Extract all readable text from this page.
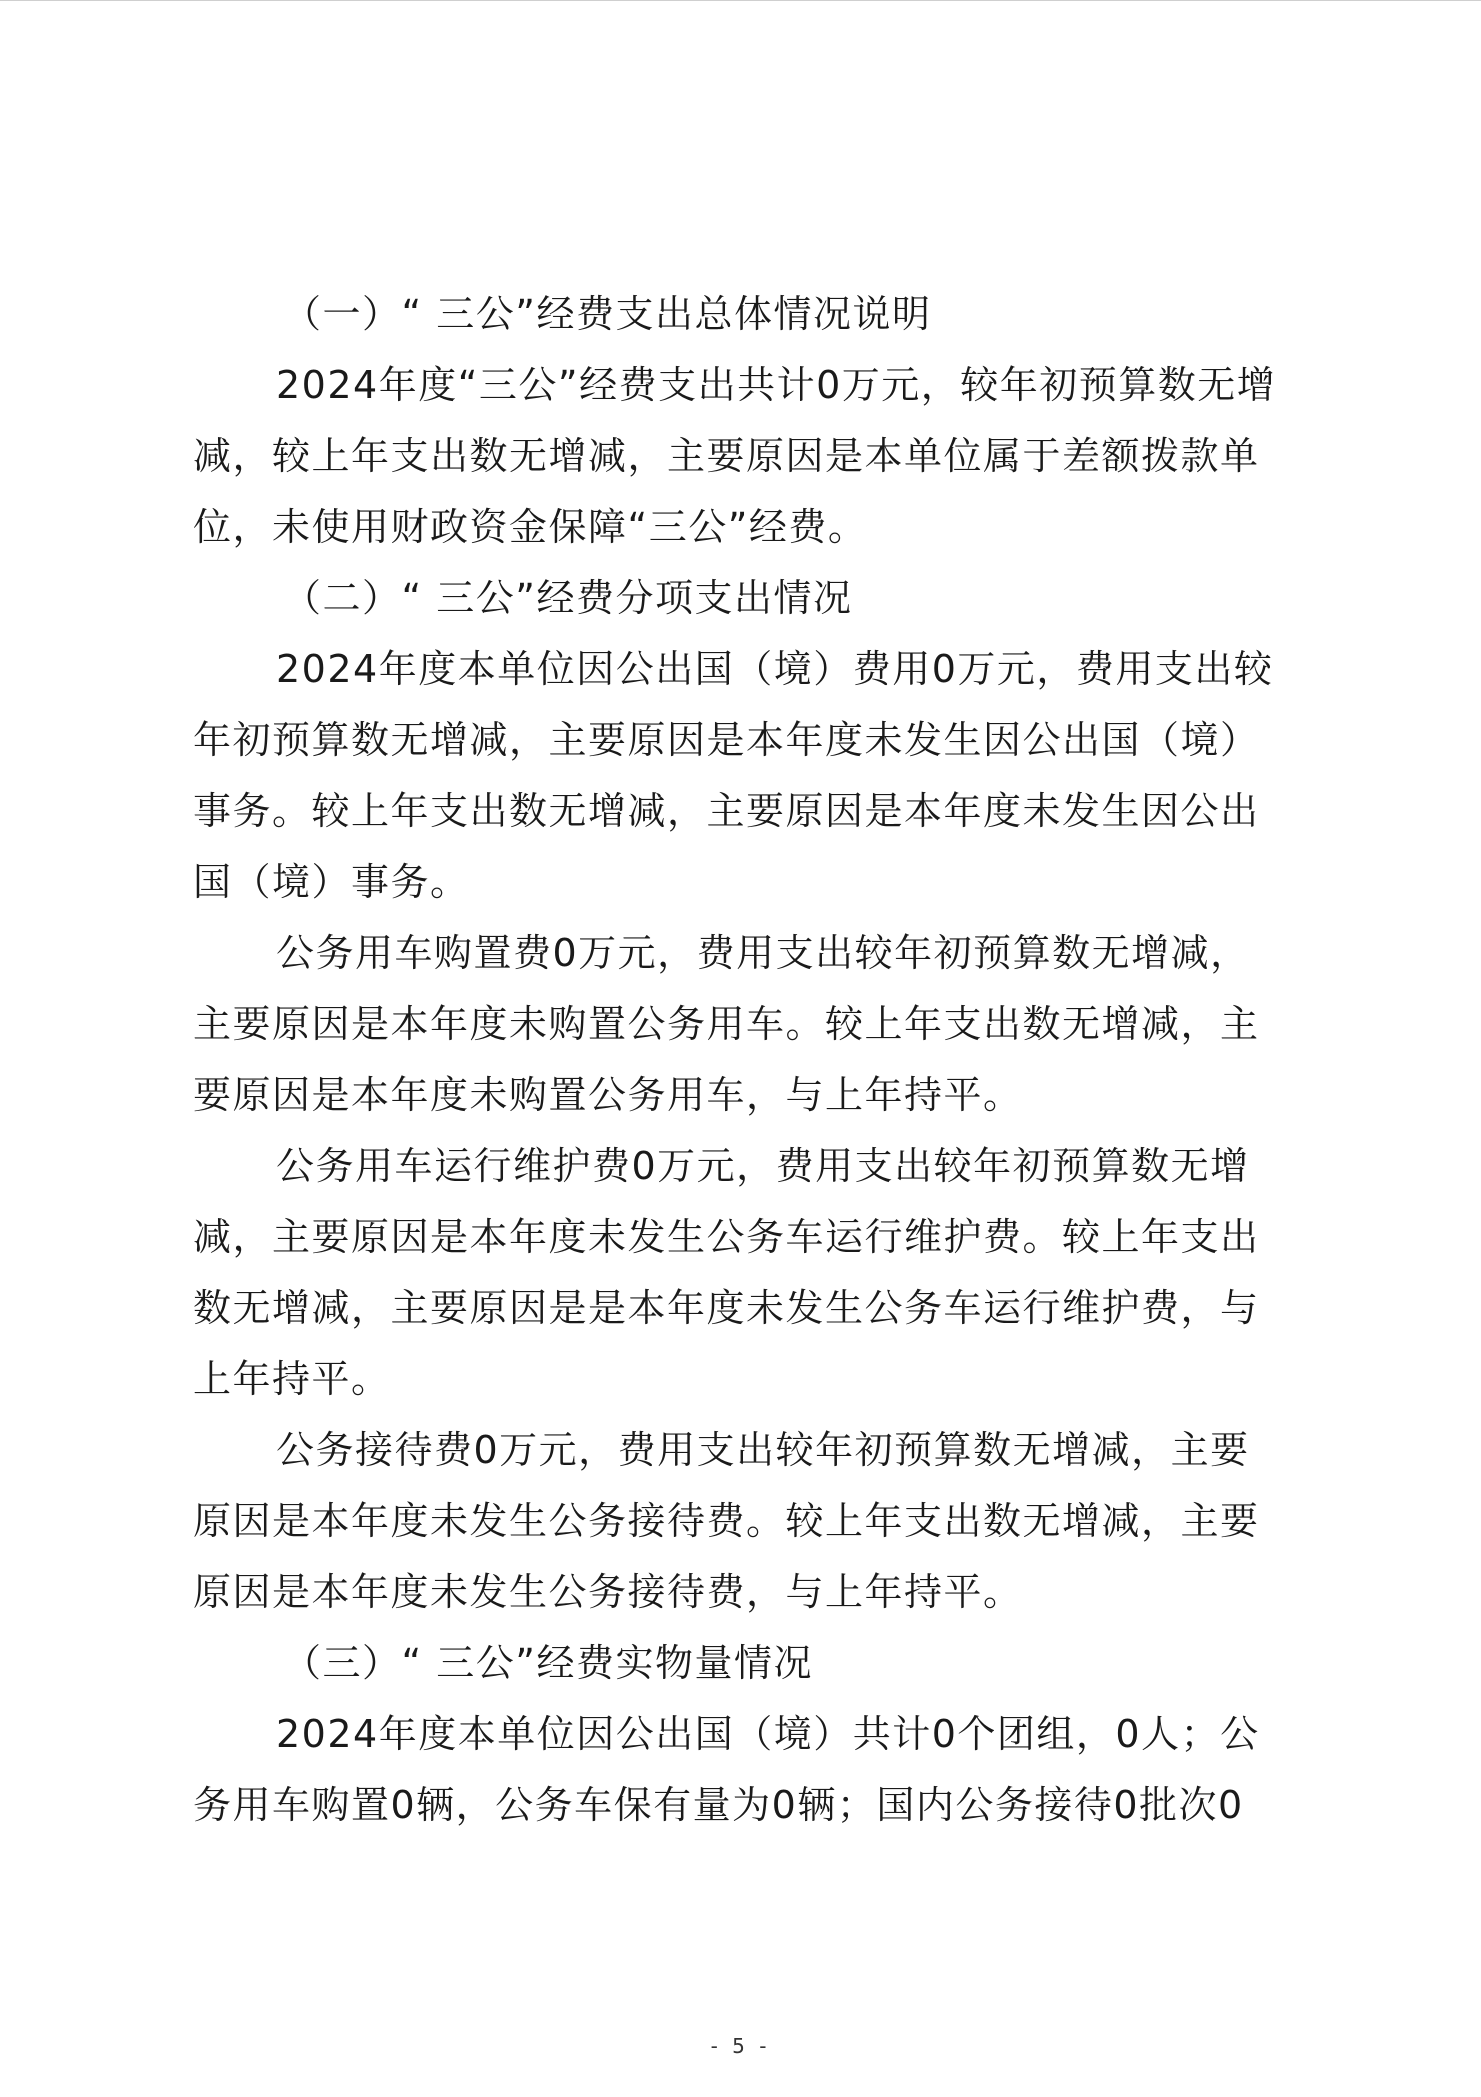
（一）“ 三公”经费支出总体情况说明

2024年度“三公”经费支出共计0万元，较年初预算数无增减，较上年支出数无增减，主要原因是本单位属于差额拨款单位，未使用财政资金保障“三公”经费。

（二）“ 三公”经费分项支出情况

2024年度本单位因公出国（境）费用0万元，费用支出较年初预算数无增减，主要原因是本年度未发生因公出国（境）事务。较上年支出数无增减，主要原因是本年度未发生因公出国（境）事务。

公务用车购置费0万元，费用支出较年初预算数无增减，主要原因是本年度未购置公务用车。较上年支出数无增减，主要原因是本年度未购置公务用车，与上年持平。

公务用车运行维护费0万元，费用支出较年初预算数无增减，主要原因是本年度未发生公务车运行维护费。较上年支出数无增减，主要原因是是本年度未发生公务车运行维护费，与上年持平。

公务接待费0万元，费用支出较年初预算数无增减，主要原因是本年度未发生公务接待费。较上年支出数无增减，主要原因是本年度未发生公务接待费，与上年持平。

（三）“ 三公”经费实物量情况

2024年度本单位因公出国（境）共计0个团组，0人；公务用车购置0辆，公务车保有量为0辆；国内公务接待0批次0

- 5 -
